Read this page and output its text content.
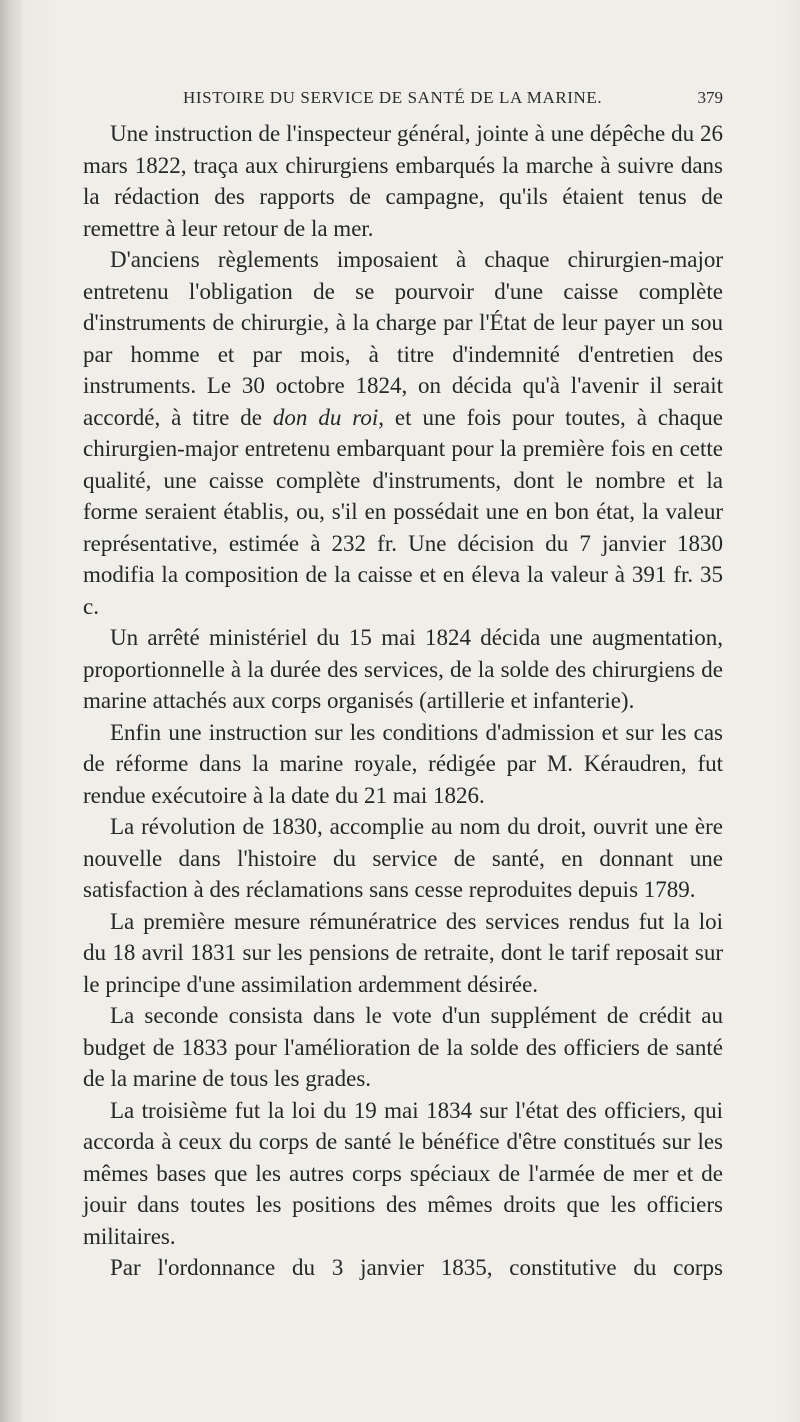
HISTOIRE DU SERVICE DE SANTÉ DE LA MARINE.	379

Une instruction de l'inspecteur général, jointe à une dépêche du 26 mars 1822, traça aux chirurgiens embarqués la marche à suivre dans la rédaction des rapports de campagne, qu'ils étaient tenus de remettre à leur retour de la mer.

D'anciens règlements imposaient à chaque chirurgien-major entretenu l'obligation de se pourvoir d'une caisse complète d'instruments de chirurgie, à la charge par l'État de leur payer un sou par homme et par mois, à titre d'indemnité d'entretien des instruments. Le 30 octobre 1824, on décida qu'à l'avenir il serait accordé, à titre de don du roi, et une fois pour toutes, à chaque chirurgien-major entretenu embarquant pour la première fois en cette qualité, une caisse complète d'instruments, dont le nombre et la forme seraient établis, ou, s'il en possédait une en bon état, la valeur représentative, estimée à 232 fr. Une décision du 7 janvier 1830 modifia la composition de la caisse et en éleva la valeur à 391 fr. 35 c.

Un arrêté ministériel du 15 mai 1824 décida une augmentation, proportionnelle à la durée des services, de la solde des chirurgiens de marine attachés aux corps organisés (artillerie et infanterie).

Enfin une instruction sur les conditions d'admission et sur les cas de réforme dans la marine royale, rédigée par M. Kéraudren, fut rendue exécutoire à la date du 21 mai 1826.

La révolution de 1830, accomplie au nom du droit, ouvrit une ère nouvelle dans l'histoire du service de santé, en donnant une satisfaction à des réclamations sans cesse reproduites depuis 1789.

La première mesure rémunératrice des services rendus fut la loi du 18 avril 1831 sur les pensions de retraite, dont le tarif reposait sur le principe d'une assimilation ardemment désirée.

La seconde consista dans le vote d'un supplément de crédit au budget de 1833 pour l'amélioration de la solde des officiers de santé de la marine de tous les grades.

La troisième fut la loi du 19 mai 1834 sur l'état des officiers, qui accorda à ceux du corps de santé le bénéfice d'être constitués sur les mêmes bases que les autres corps spéciaux de l'armée de mer et de jouir dans toutes les positions des mêmes droits que les officiers militaires.

Par l'ordonnance du 3 janvier 1835, constitutive du corps
